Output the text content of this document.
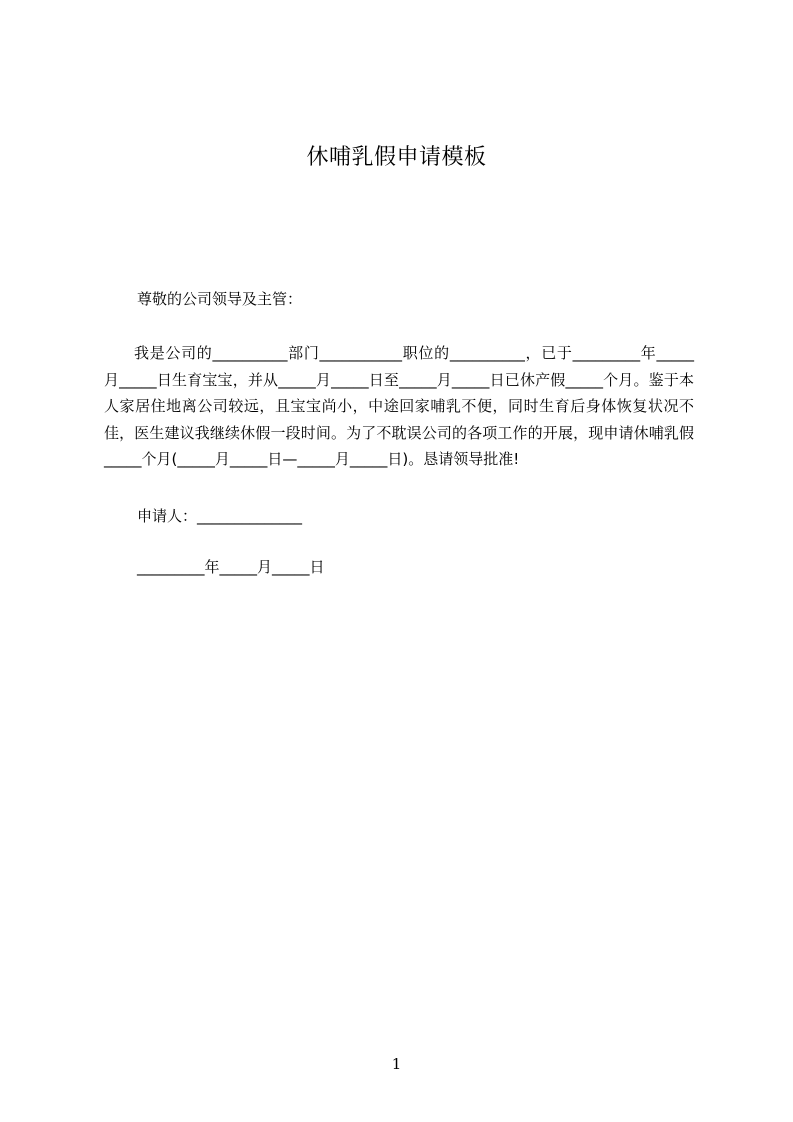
休哺乳假申请模板
尊敬的公司领导及主管：
我是公司的__________部门___________职位的__________，已于_________年_____月_____日生育宝宝，并从_____月_____日至_____月_____日已休产假_____个月。鉴于本人家居住地离公司较远，且宝宝尚小，中途回家哺乳不便，同时生育后身体恢复状况不佳，医生建议我继续休假一段时间。为了不耽误公司的各项工作的开展，现申请休哺乳假_____个月(_____月_____日—_____月_____日)。恳请领导批准!
申请人：______________
_________年_____月_____日
1
